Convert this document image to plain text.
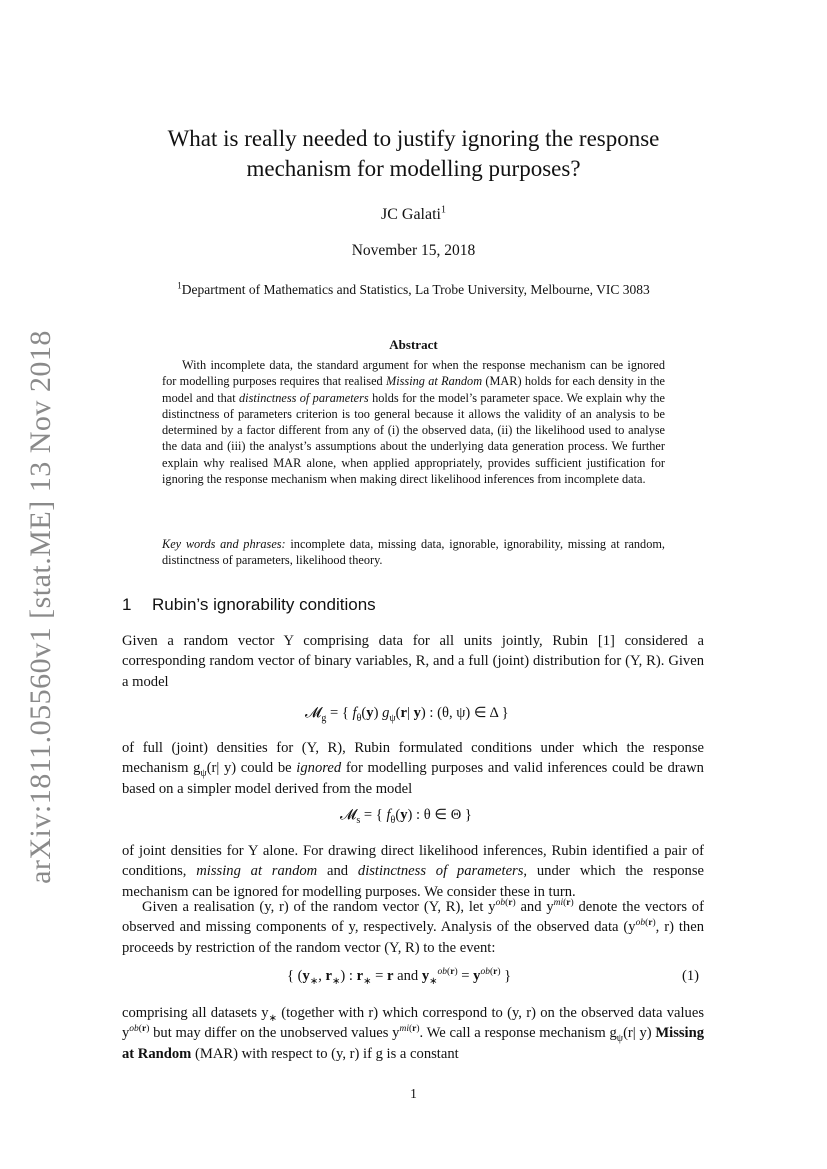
arXiv:1811.05560v1 [stat.ME] 13 Nov 2018
What is really needed to justify ignoring the response mechanism for modelling purposes?
JC Galati$^1$
November 15, 2018
$^1$Department of Mathematics and Statistics, La Trobe University, Melbourne, VIC 3083
Abstract

With incomplete data, the standard argument for when the response mechanism can be ignored for modelling purposes requires that realised Missing at Random (MAR) holds for each density in the model and that distinctness of parameters holds for the model’s parameter space. We explain why the distinctness of parameters criterion is too general because it allows the validity of an analysis to be determined by a factor different from any of (i) the observed data, (ii) the likelihood used to analyse the data and (iii) the analyst’s assumptions about the underlying data generation process. We further explain why realised MAR alone, when applied appropriately, provides sufficient justification for ignoring the response mechanism when making direct likelihood inferences from incomplete data.

Key words and phrases: incomplete data, missing data, ignorable, ignorability, missing at random, distinctness of parameters, likelihood theory.
1 Rubin’s ignorability conditions
Given a random vector Y comprising data for all units jointly, Rubin [1] considered a corresponding random vector of binary variables, R, and a full (joint) distribution for (Y, R). Given a model
𝓜$_g$ = { $f_\theta(y)$ $g_\psi(r|$ y) : (θ, ψ) ∈ Δ }
of full (joint) densities for (Y, R), Rubin formulated conditions under which the response mechanism $g_\psi(r|$ y) could be ignored for modelling purposes and valid inferences could be drawn based on a simpler model derived from the model
𝓜$_s$ = { $f_\theta(y)$ : θ ∈ Θ }
of joint densities for Y alone. For drawing direct likelihood inferences, Rubin identified a pair of conditions, missing at random and distinctness of parameters, under which the response mechanism can be ignored for modelling purposes. We consider these in turn.

Given a realisation (y, r) of the random vector (Y, R), let $y^{ob(r)}$ and $y^{mi(r)}$ denote the vectors of observed and missing components of y, respectively. Analysis of the observed data ($y^{ob(r)}$, r) then proceeds by restriction of the random vector (Y, R) to the event:

{ ($y_∗$, $r_∗$) : $r_∗ = r$ and $y_∗^{ob(r)} = y^{ob(r)}$ }	(1)
comprising all datasets $y_∗$ (together with r) which correspond to (y, r) on the observed data values $y^{ob(r)}$ but may differ on the unobserved values $y^{mi(r)}$. We call a response mechanism $g_\psi(r|$ y) Missing at Random (MAR) with respect to (y, r) if g is a constant
1
